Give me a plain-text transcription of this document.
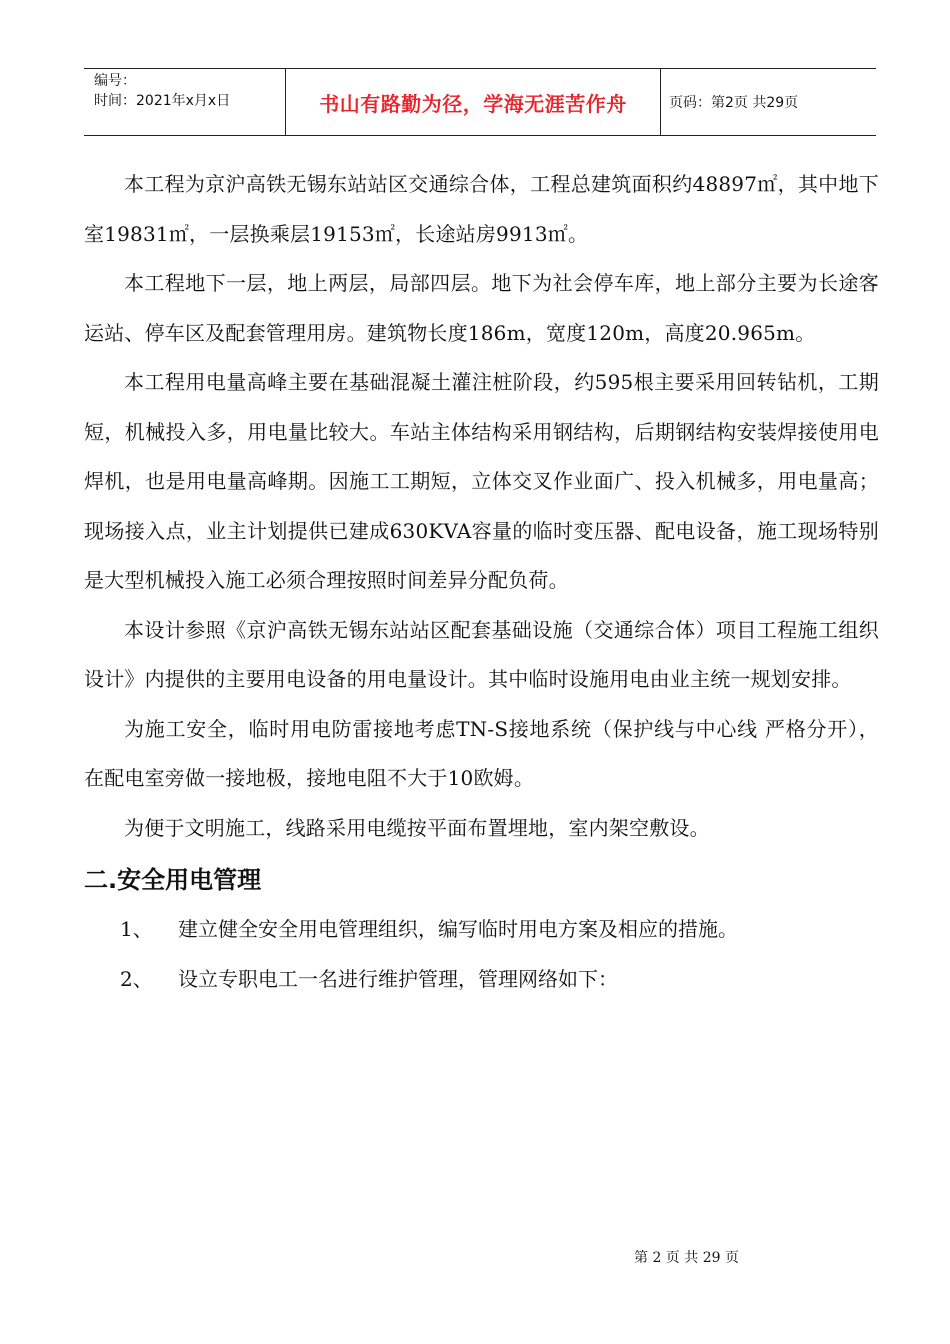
编号：
时间：2021年x月x日	书山有路勤为径，学海无涯苦作舟	页码：第2页 共29页

本工程为京沪高铁无锡东站站区交通综合体，工程总建筑面积约48897㎡，其中地下室19831㎡，一层换乘层19153㎡，长途站房9913㎡。

本工程地下一层，地上两层，局部四层。地下为社会停车库，地上部分主要为长途客运站、停车区及配套管理用房。建筑物长度186m，宽度120m，高度20.965m。

本工程用电量高峰主要在基础混凝土灌注桩阶段，约595根主要采用回转钻机，工期短，机械投入多，用电量比较大。车站主体结构采用钢结构，后期钢结构安装焊接使用电焊机，也是用电量高峰期。因施工工期短，立体交叉作业面广、投入机械多，用电量高；现场接入点，业主计划提供已建成630KVA容量的临时变压器、配电设备，施工现场特别是大型机械投入施工必须合理按照时间差异分配负荷。

本设计参照《京沪高铁无锡东站站区配套基础设施（交通综合体）项目工程施工组织设计》内提供的主要用电设备的用电量设计。其中临时设施用电由业主统一规划安排。

为施工安全，临时用电防雷接地考虑TN-S接地系统（保护线与中心线 严格分开），在配电室旁做一接地极，接地电阻不大于10欧姆。

为便于文明施工，线路采用电缆按平面布置埋地，室内架空敷设。

二.安全用电管理
1、	建立健全安全用电管理组织，编写临时用电方案及相应的措施。
2、	设立专职电工一名进行维护管理，管理网络如下：
第 2 页 共 29 页
